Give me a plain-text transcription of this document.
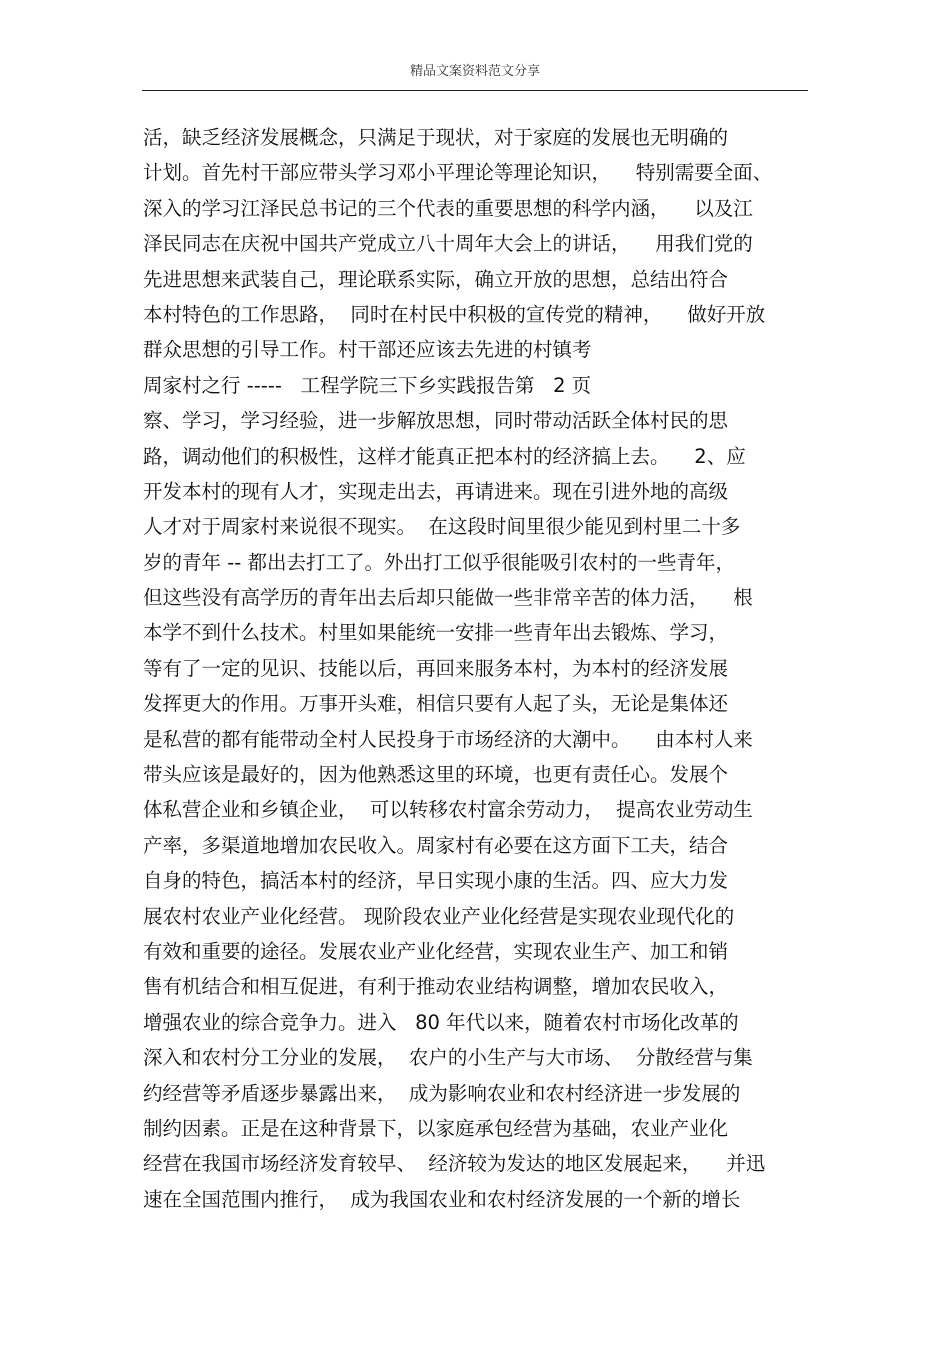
精品文案资料范文分享
活，缺乏经济发展概念，只满足于现状，对于家庭的发展也无明确的
计划。首先村干部应带头学习邓小平理论等理论知识，    特别需要全面、
深入的学习江泽民总书记的三个代表的重要思想的科学内涵，    以及江
泽民同志在庆祝中国共产党成立八十周年大会上的讲话，    用我们党的
先进思想来武装自己，理论联系实际，确立开放的思想，总结出符合
本村特色的工作思路，  同时在村民中积极的宣传党的精神，    做好开放
群众思想的引导工作。村干部还应该去先进的村镇考
周家村之行 -----   工程学院三下乡实践报告第   2 页
察、学习，学习经验，进一步解放思想，同时带动活跃全体村民的思
路，调动他们的积极性，这样才能真正把本村的经济搞上去。    2、应
开发本村的现有人才，实现走出去，再请进来。现在引进外地的高级
人才对于周家村来说很不现实。  在这段时间里很少能见到村里二十多
岁的青年 -- 都出去打工了。外出打工似乎很能吸引农村的一些青年，
但这些没有高学历的青年出去后却只能做一些非常辛苦的体力活，    根
本学不到什么技术。村里如果能统一安排一些青年出去锻炼、学习，
等有了一定的见识、技能以后，再回来服务本村，为本村的经济发展
发挥更大的作用。万事开头难，相信只要有人起了头，无论是集体还
是私营的都有能带动全村人民投身于市场经济的大潮中。    由本村人来
带头应该是最好的，因为他熟悉这里的环境，也更有责任心。发展个
体私营企业和乡镇企业，  可以转移农村富余劳动力，  提高农业劳动生
产率，多渠道地增加农民收入。周家村有必要在这方面下工夫，结合
自身的特色，搞活本村的经济，早日实现小康的生活。四、应大力发
展农村农业产业化经营。 现阶段农业产业化经营是实现农业现代化的
有效和重要的途径。发展农业产业化经营，实现农业生产、加工和销
售有机结合和相互促进，有利于推动农业结构调整，增加农民收入，
增强农业的综合竞争力。进入   80 年代以来，随着农村市场化改革的
深入和农村分工分业的发展，  农户的小生产与大市场、  分散经营与集
约经营等矛盾逐步暴露出来，  成为影响农业和农村经济进一步发展的
制约因素。正是在这种背景下，以家庭承包经营为基础，农业产业化
经营在我国市场经济发育较早、  经济较为发达的地区发展起来，    并迅
速在全国范围内推行，  成为我国农业和农村经济发展的一个新的增长
